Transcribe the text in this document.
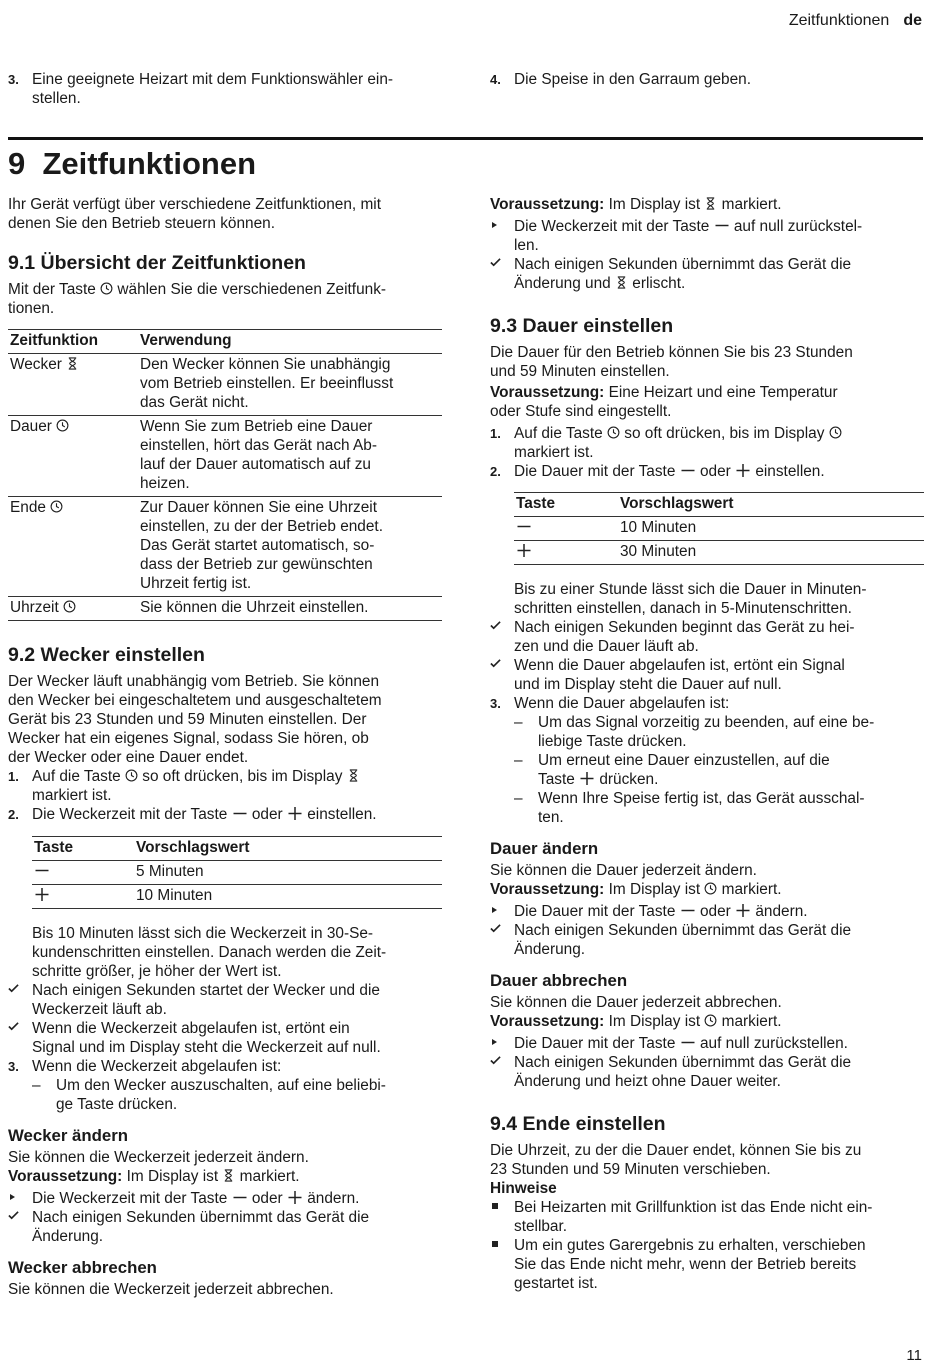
Zeitfunktionen de
3. Eine geeignete Heizart mit dem Funktionswähler ein-
stellen.
4. Die Speise in den Garraum geben.
9 Zeitfunktionen

Ihr Gerät verfügt über verschiedene Zeitfunktionen, mit
denen Sie den Betrieb steuern können.

9.1 Übersicht der Zeitfunktionen

Mit der Taste wählen Sie die verschiedenen Zeitfunk-
tionen.

Zeitfunktion	Verwendung
Wecker	Den Wecker können Sie unabhängig
vom Betrieb einstellen. Er beeinflusst
das Gerät nicht.
Dauer	Wenn Sie zum Betrieb eine Dauer
einstellen, hört das Gerät nach Ab-
lauf der Dauer automatisch auf zu
heizen.
Ende	Zur Dauer können Sie eine Uhrzeit
einstellen, zu der der Betrieb endet.
Das Gerät startet automatisch, so-
dass der Betrieb zur gewünschten
Uhrzeit fertig ist.
Uhrzeit	Sie können die Uhrzeit einstellen.
9.2 Wecker einstellen

Der Wecker läuft unabhängig vom Betrieb. Sie können
den Wecker bei eingeschaltetem und ausgeschaltetem
Gerät bis 23 Stunden und 59 Minuten einstellen. Der
Wecker hat ein eigenes Signal, sodass Sie hören, ob
der Wecker oder eine Dauer endet.

1. Auf die Taste so oft drücken, bis im Display
markiert ist.
2. Die Weckerzeit mit der Taste oder einstellen.
Taste	Vorschlagswert
	5 Minuten
	10 Minuten

Bis 10 Minuten lässt sich die Weckerzeit in 30-Se-
kundenschritten einstellen. Danach werden die Zeit-
schritte größer, je höher der Wert ist.

Nach einigen Sekunden startet der Wecker und die
Weckerzeit läuft ab.
Wenn die Weckerzeit abgelaufen ist, ertönt ein
Signal und im Display steht die Weckerzeit auf null.
3. Wenn die Weckerzeit abgelaufen ist:
–	Um den Wecker auszuschalten, auf eine beliebi-
ge Taste drücken.
Wecker ändern

Sie können die Weckerzeit jederzeit ändern.

Voraussetzung: Im Display ist markiert.

Die Weckerzeit mit der Taste oder ändern.
Nach einigen Sekunden übernimmt das Gerät die
Änderung.
Wecker abbrechen

Sie können die Weckerzeit jederzeit abbrechen.

Voraussetzung: Im Display ist markiert.

Die Weckerzeit mit der Taste auf null zurückstel-
len.
Nach einigen Sekunden übernimmt das Gerät die
Änderung und erlischt.
9.3 Dauer einstellen

Die Dauer für den Betrieb können Sie bis 23 Stunden
und 59 Minuten einstellen.

Voraussetzung: Eine Heizart und eine Temperatur
oder Stufe sind eingestellt.

1. Auf die Taste so oft drücken, bis im Display
markiert ist.
2. Die Dauer mit der Taste oder einstellen.
Taste	Vorschlagswert
	10 Minuten
	30 Minuten

Bis zu einer Stunde lässt sich die Dauer in Minuten-
schritten einstellen, danach in 5-Minutenschritten.

Nach einigen Sekunden beginnt das Gerät zu hei-
zen und die Dauer läuft ab.
Wenn die Dauer abgelaufen ist, ertönt ein Signal
und im Display steht die Dauer auf null.
3. Wenn die Dauer abgelaufen ist:
–	Um das Signal vorzeitig zu beenden, auf eine be-
liebige Taste drücken.
–	Um erneut eine Dauer einzustellen, auf die
Taste drücken.
–	Wenn Ihre Speise fertig ist, das Gerät ausschal-
ten.
Dauer ändern

Sie können die Dauer jederzeit ändern.

Voraussetzung: Im Display ist markiert.

Die Dauer mit der Taste oder ändern.
Nach einigen Sekunden übernimmt das Gerät die
Änderung.
Dauer abbrechen

Sie können die Dauer jederzeit abbrechen.

Voraussetzung: Im Display ist markiert.

Die Dauer mit der Taste auf null zurückstellen.
Nach einigen Sekunden übernimmt das Gerät die
Änderung und heizt ohne Dauer weiter.
9.4 Ende einstellen

Die Uhrzeit, zu der die Dauer endet, können Sie bis zu
23 Stunden und 59 Minuten verschieben.

Hinweise

Bei Heizarten mit Grillfunktion ist das Ende nicht ein-
stellbar.
Um ein gutes Garergebnis zu erhalten, verschieben
Sie das Ende nicht mehr, wenn der Betrieb bereits
gestartet ist.
11
